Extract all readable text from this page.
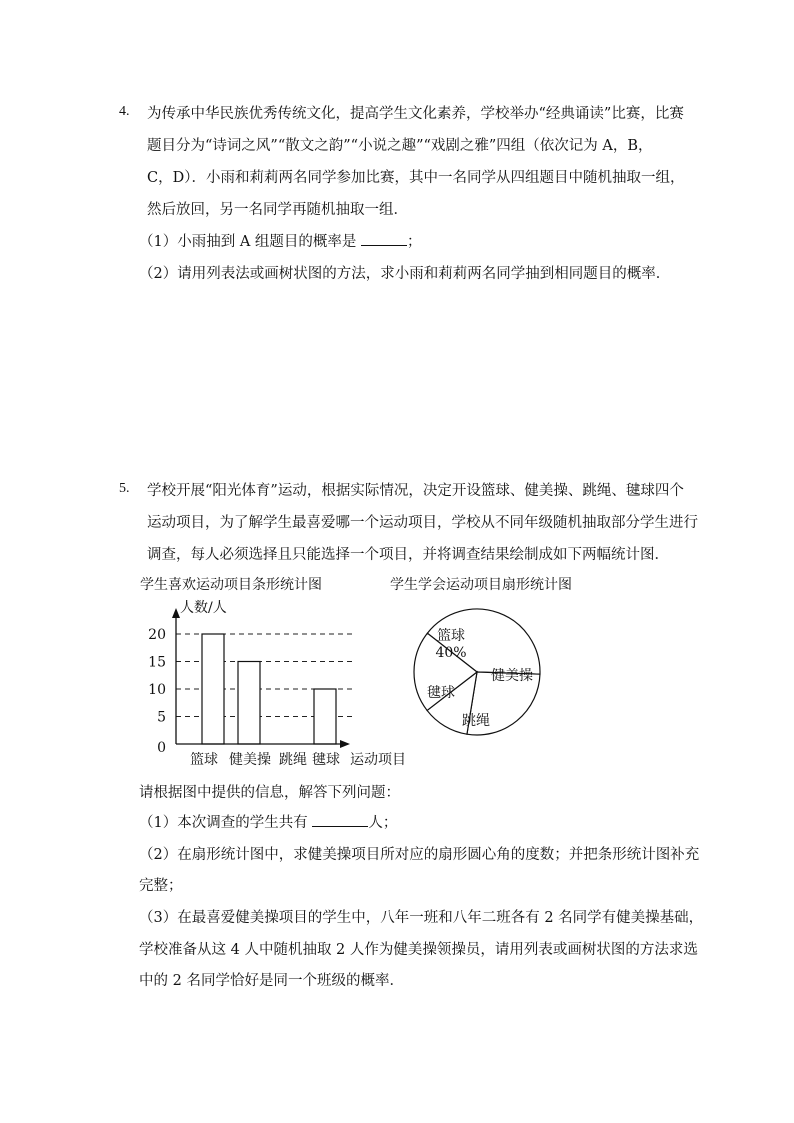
4. 为传承中华民族优秀传统文化，提高学生文化素养，学校举办“经典诵读”比赛，比赛
题目分为“诗词之风”“散文之韵”“小说之趣”“戏剧之雅”四组（依次记为 A，B，
C，D）．小雨和莉莉两名同学参加比赛，其中一名同学从四组题目中随机抽取一组，
然后放回，另一名同学再随机抽取一组．
（1）小雨抽到 A 组题目的概率是	；
（2）请用列表法或画树状图的方法，求小雨和莉莉两名同学抽到相同题目的概率．
5. 学校开展“阳光体育”运动，根据实际情况，决定开设篮球、健美操、跳绳、毽球四个
运动项目，为了解学生最喜爱哪一个运动项目，学校从不同年级随机抽取部分学生进行
调查，每人必须选择且只能选择一个项目，并将调查结果绘制成如下两幅统计图．
学生喜欢运动项目条形统计图	学生学会运动项目扇形统计图
5
10
15
20
0
人数/人
篮球 健美操 跳绳 毽球 运动项目
篮球
40%
健美操
跳绳
毽球
请根据图中提供的信息，解答下列问题：
（1）本次调查的学生共有	人；
（2）在扇形统计图中，求健美操项目所对应的扇形圆心角的度数；并把条形统计图补充
完整；
（3）在最喜爱健美操项目的学生中，八年一班和八年二班各有 2 名同学有健美操基础，
学校准备从这 4 人中随机抽取 2 人作为健美操领操员，请用列表或画树状图的方法求选
中的 2 名同学恰好是同一个班级的概率．
